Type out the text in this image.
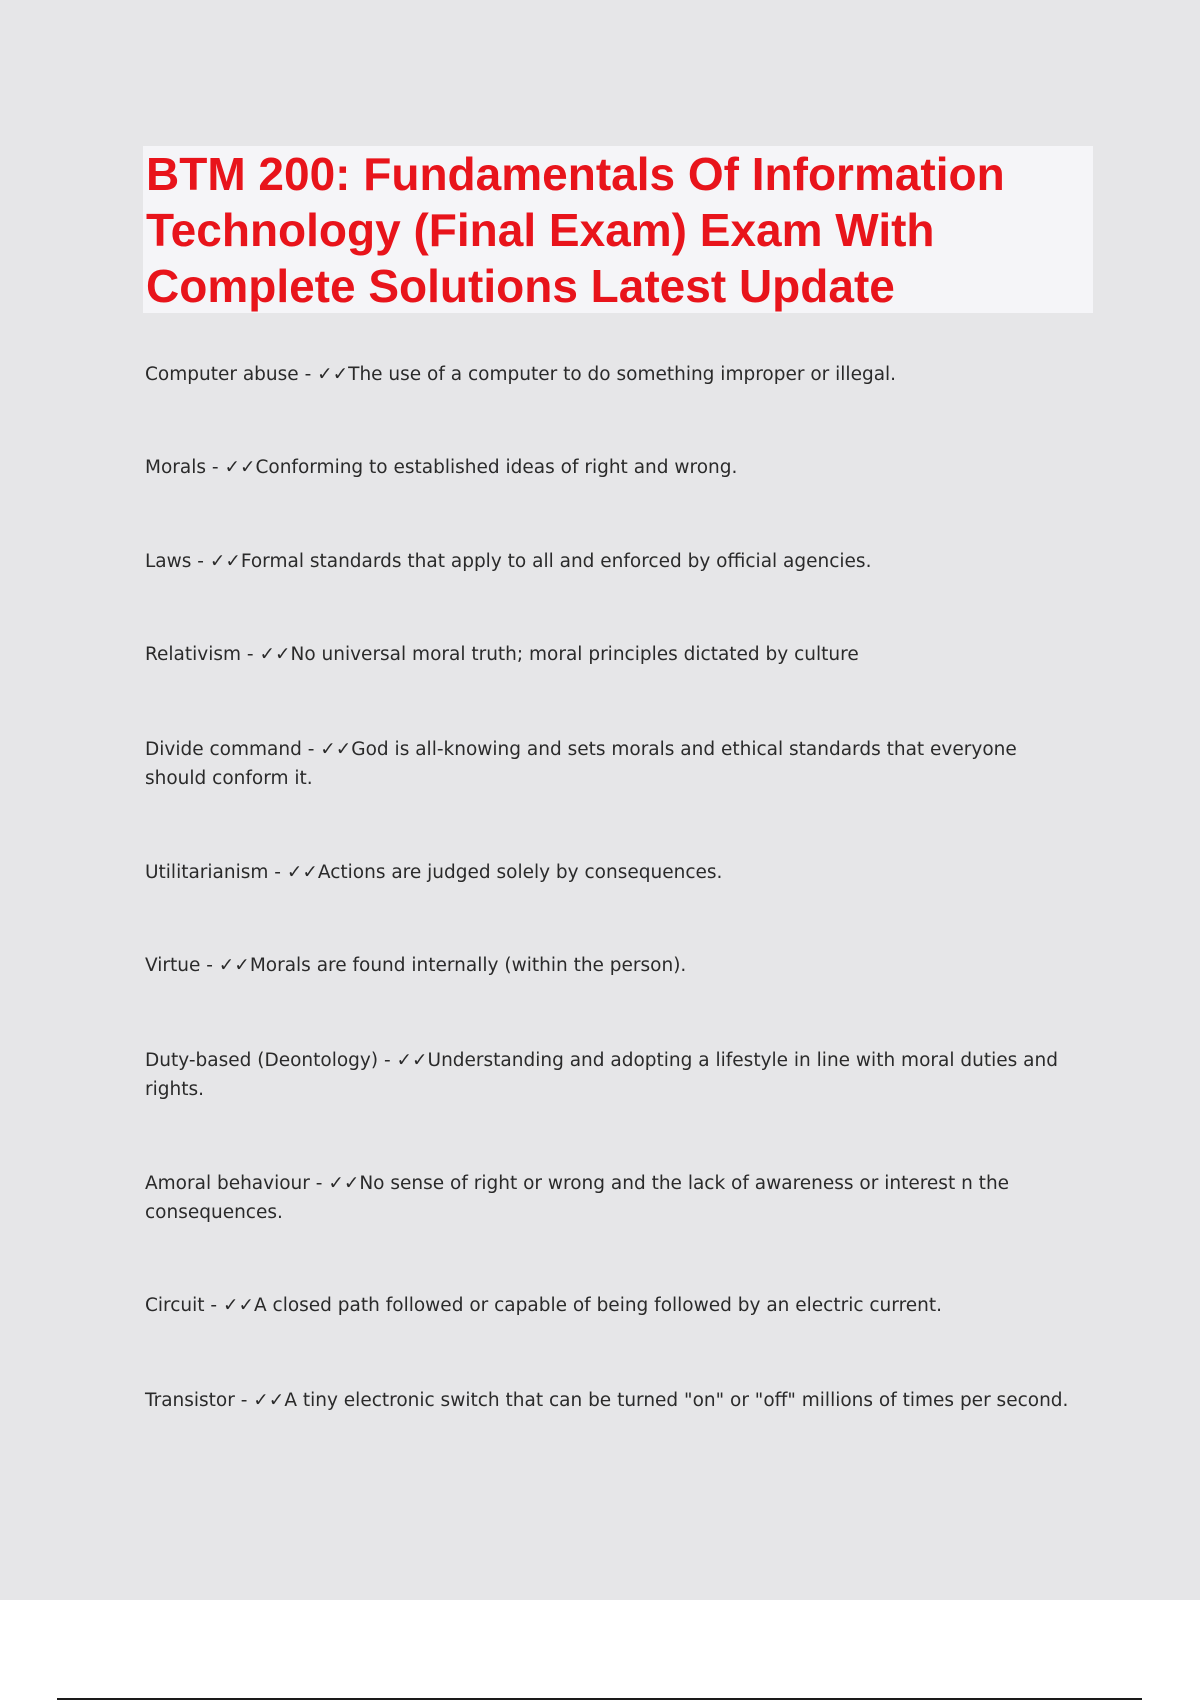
BTM 200: Fundamentals Of Information Technology (Final Exam) Exam With Complete Solutions Latest Update

Computer abuse - ✓✓The use of a computer to do something improper or illegal.

Morals - ✓✓Conforming to established ideas of right and wrong.

Laws - ✓✓Formal standards that apply to all and enforced by official agencies.

Relativism - ✓✓No universal moral truth; moral principles dictated by culture

Divide command - ✓✓God is all-knowing and sets morals and ethical standards that everyone should conform it.

Utilitarianism - ✓✓Actions are judged solely by consequences.

Virtue - ✓✓Morals are found internally (within the person).

Duty-based (Deontology) - ✓✓Understanding and adopting a lifestyle in line with moral duties and rights.

Amoral behaviour - ✓✓No sense of right or wrong and the lack of awareness or interest n the consequences.

Circuit - ✓✓A closed path followed or capable of being followed by an electric current.

Transistor - ✓✓A tiny electronic switch that can be turned "on" or "off" millions of times per second.
